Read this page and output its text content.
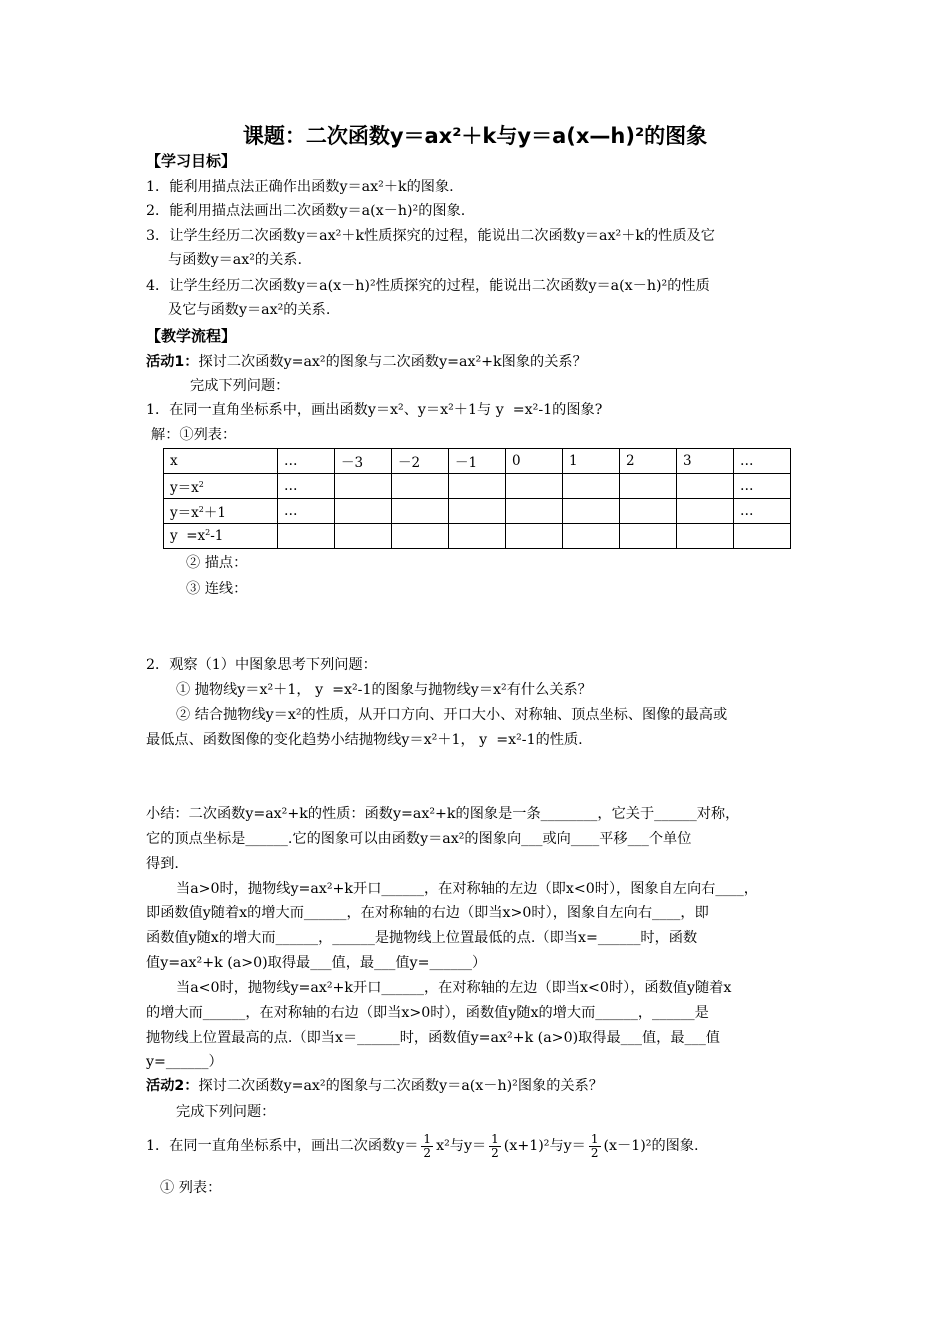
课题：二次函数y＝ax²＋k与y＝a(x—h)²的图象
【学习目标】
1．能利用描点法正确作出函数y＝ax²＋k的图象.
2．能利用描点法画出二次函数y＝a(x－h)²的图象.
3．让学生经历二次函数y＝ax²＋k性质探究的过程，能说出二次函数y＝ax²＋k的性质及它
与函数y＝ax²的关系.
4．让学生经历二次函数y＝a(x－h)²性质探究的过程，能说出二次函数y＝a(x－h)²的性质
及它与函数y＝ax²的关系.
【教学流程】
活动1：探讨二次函数y=ax²的图象与二次函数y=ax²+k图象的关系？
完成下列问题：
1．在同一直角坐标系中，画出函数y＝x²、y＝x²＋1与 y  =x²-1的图象?
解：①列表：
x	…	－3	－2	－1	0	1	2	3	…
$y=x^2$	…								…
$y=x^2+1$	…								…
$y =x^2-1$									
② 描点：
③ 连线：
2．观察（1）中图象思考下列问题：
① 抛物线y＝x²＋1， y  =x²-1的图象与抛物线y＝x²有什么关系？
② 结合抛物线y＝x²的性质，从开口方向、开口大小、对称轴、顶点坐标、图像的最高或
最低点、函数图像的变化趋势小结抛物线y＝x²＋1， y  =x²-1的性质.
小结：二次函数y=ax²+k的性质：函数y=ax²+k的图象是一条________，它关于______对称，
它的顶点坐标是______.它的图象可以由函数y＝ax²的图象向___或向____平移___个单位
得到.
当a>0时，抛物线y=ax²+k开口______，在对称轴的左边（即x<0时），图象自左向右____，
即函数值y随着x的增大而______，在对称轴的右边（即当x>0时），图象自左向右____，即
函数值y随x的增大而______，______是抛物线上位置最低的点.（即当x=______时，函数
值y=ax²+k (a>0)取得最___值，最___值y=______）
当a<0时，抛物线y=ax²+k开口______，在对称轴的左边（即当x<0时），函数值y随着x
的增大而______，在对称轴的右边（即当x>0时），函数值y随x的增大而______，______是
抛物线上位置最高的点.（即当x＝______时，函数值y=ax²+k (a>0)取得最___值，最___值
y=______）
活动2：探讨二次函数y=ax²的图象与二次函数y＝a(x－h)²图象的关系？
完成下列问题：
1．在同一直角坐标系中，画出二次函数$y= \frac{1}{2} x^2$与$y= \frac{1}{2} (x+1)^2$与$y= \frac{1}{2} (x-1)^2$的图象.
① 列表：
